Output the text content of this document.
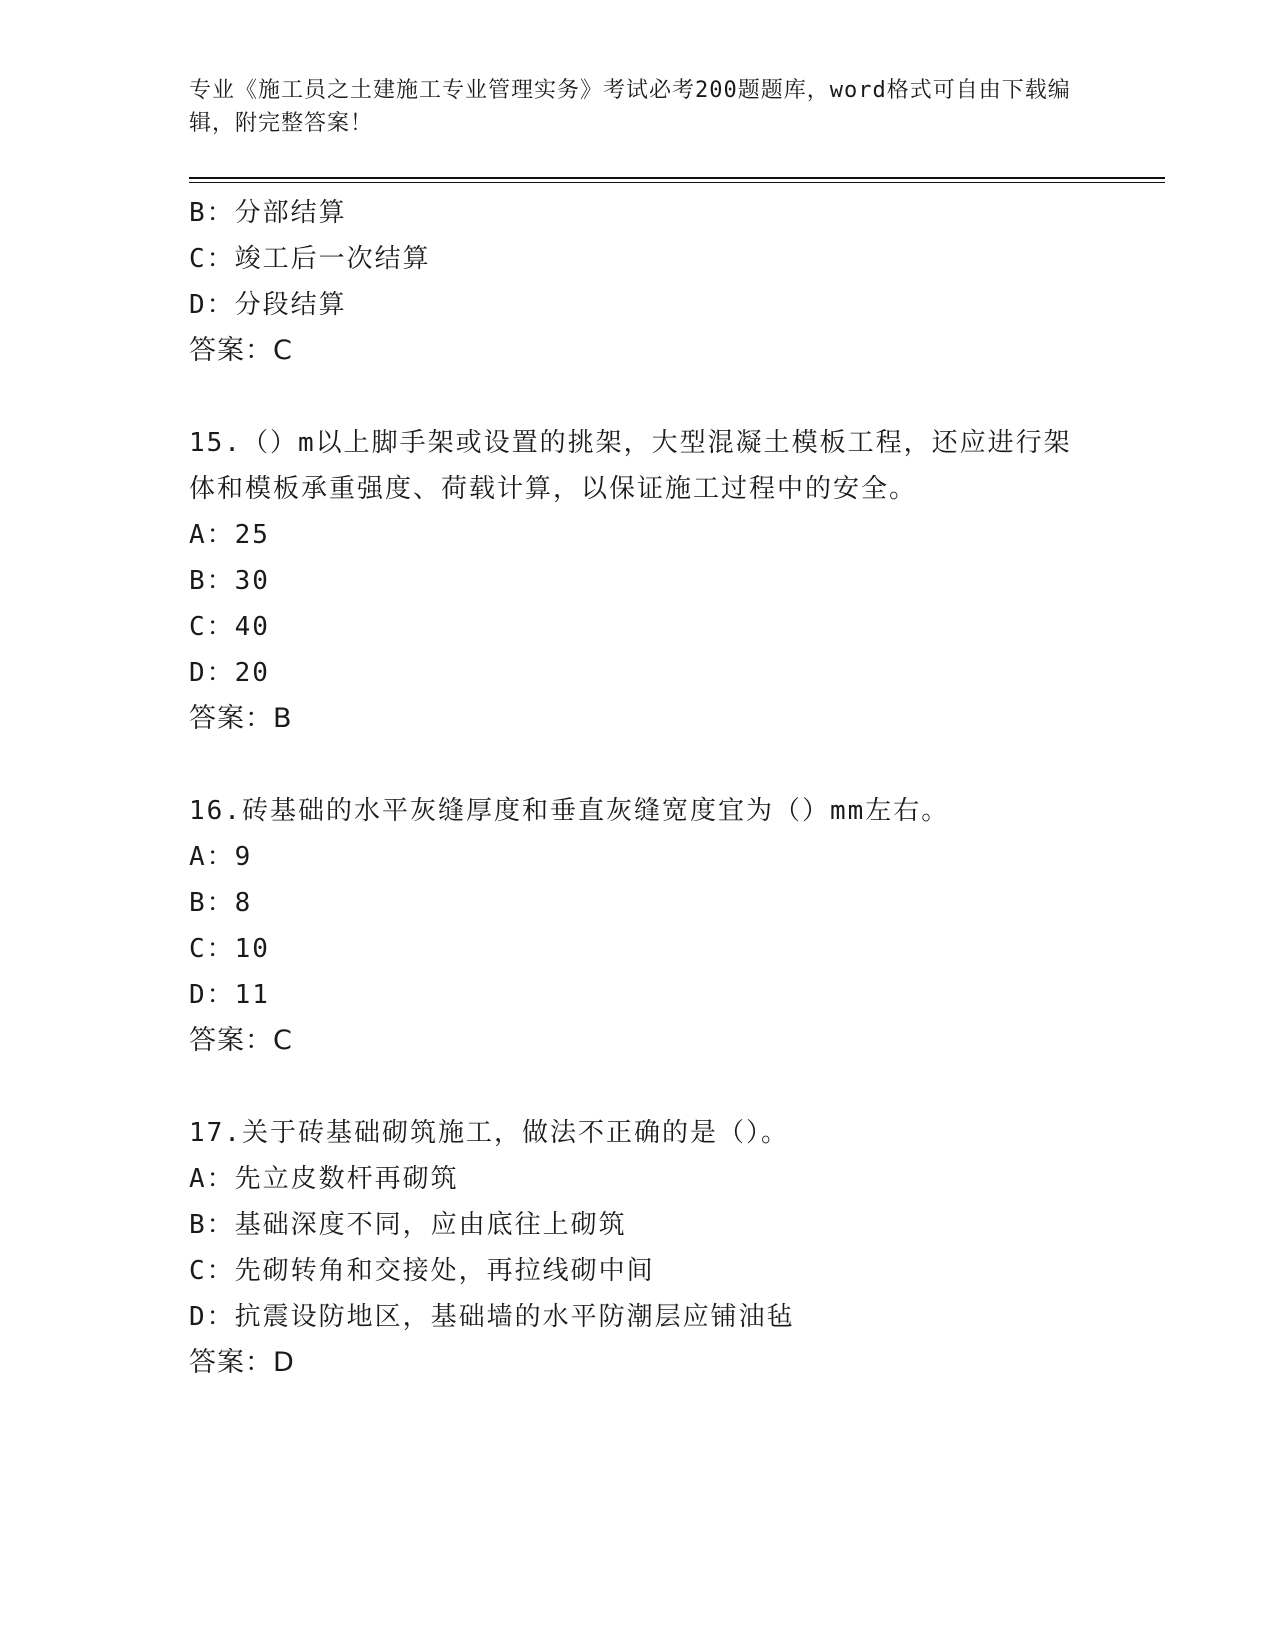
专业《施工员之土建施工专业管理实务》考试必考200题题库，word格式可自由下载编辑，附完整答案！
B：分部结算
C：竣工后一次结算
D：分段结算
答案：C
15.（）m以上脚手架或设置的挑架，大型混凝土模板工程，还应进行架体和模板承重强度、荷载计算，以保证施工过程中的安全。
A：25
B：30
C：40
D：20
答案：B
16.砖基础的水平灰缝厚度和垂直灰缝宽度宜为（）mm左右。
A：9
B：8
C：10
D：11
答案：C
17.关于砖基础砌筑施工，做法不正确的是（）。
A：先立皮数杆再砌筑
B：基础深度不同，应由底往上砌筑
C：先砌转角和交接处，再拉线砌中间
D：抗震设防地区，基础墙的水平防潮层应铺油毡
答案：D
